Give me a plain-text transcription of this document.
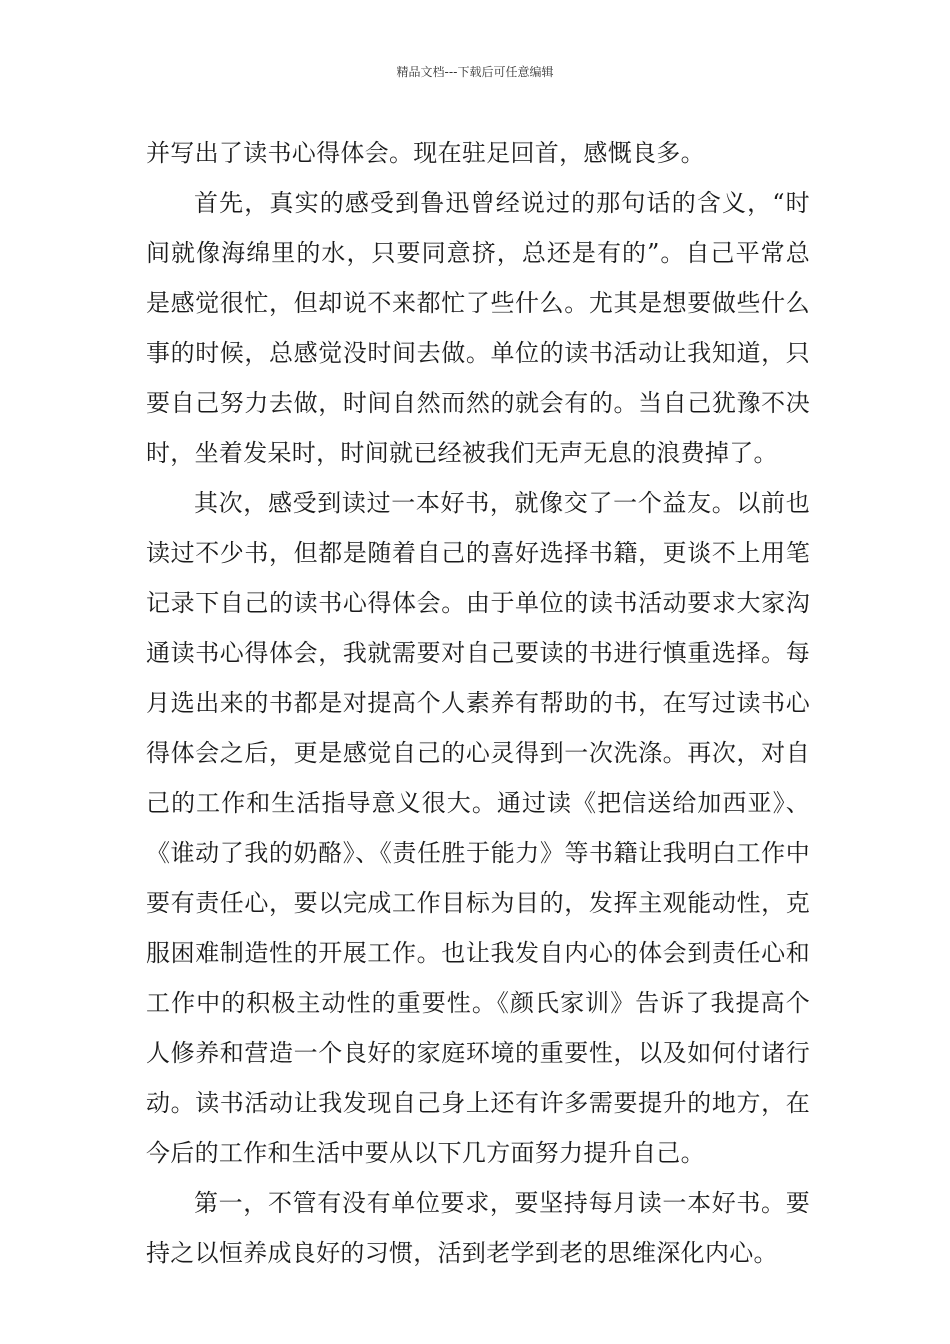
精品文档---下载后可任意编辑

并写出了读书心得体会。现在驻足回首，感慨良多。

首先，真实的感受到鲁迅曾经说过的那句话的含义，“时间就像海绵里的水，只要同意挤，总还是有的”。自己平常总是感觉很忙，但却说不来都忙了些什么。尤其是想要做些什么事的时候，总感觉没时间去做。单位的读书活动让我知道，只要自己努力去做，时间自然而然的就会有的。当自己犹豫不决时，坐着发呆时，时间就已经被我们无声无息的浪费掉了。

其次，感受到读过一本好书，就像交了一个益友。以前也读过不少书，但都是随着自己的喜好选择书籍，更谈不上用笔记录下自己的读书心得体会。由于单位的读书活动要求大家沟通读书心得体会，我就需要对自己要读的书进行慎重选择。每月选出来的书都是对提高个人素养有帮助的书，在写过读书心得体会之后，更是感觉自己的心灵得到一次洗涤。再次，对自己的工作和生活指导意义很大。通过读《把信送给加西亚》、《谁动了我的奶酪》、《责任胜于能力》等书籍让我明白工作中要有责任心，要以完成工作目标为目的，发挥主观能动性，克服困难制造性的开展工作。也让我发自内心的体会到责任心和工作中的积极主动性的重要性。《颜氏家训》告诉了我提高个人修养和营造一个良好的家庭环境的重要性，以及如何付诸行动。读书活动让我发现自己身上还有许多需要提升的地方，在今后的工作和生活中要从以下几方面努力提升自己。

第一，不管有没有单位要求，要坚持每月读一本好书。要持之以恒养成良好的习惯，活到老学到老的思维深化内心。
